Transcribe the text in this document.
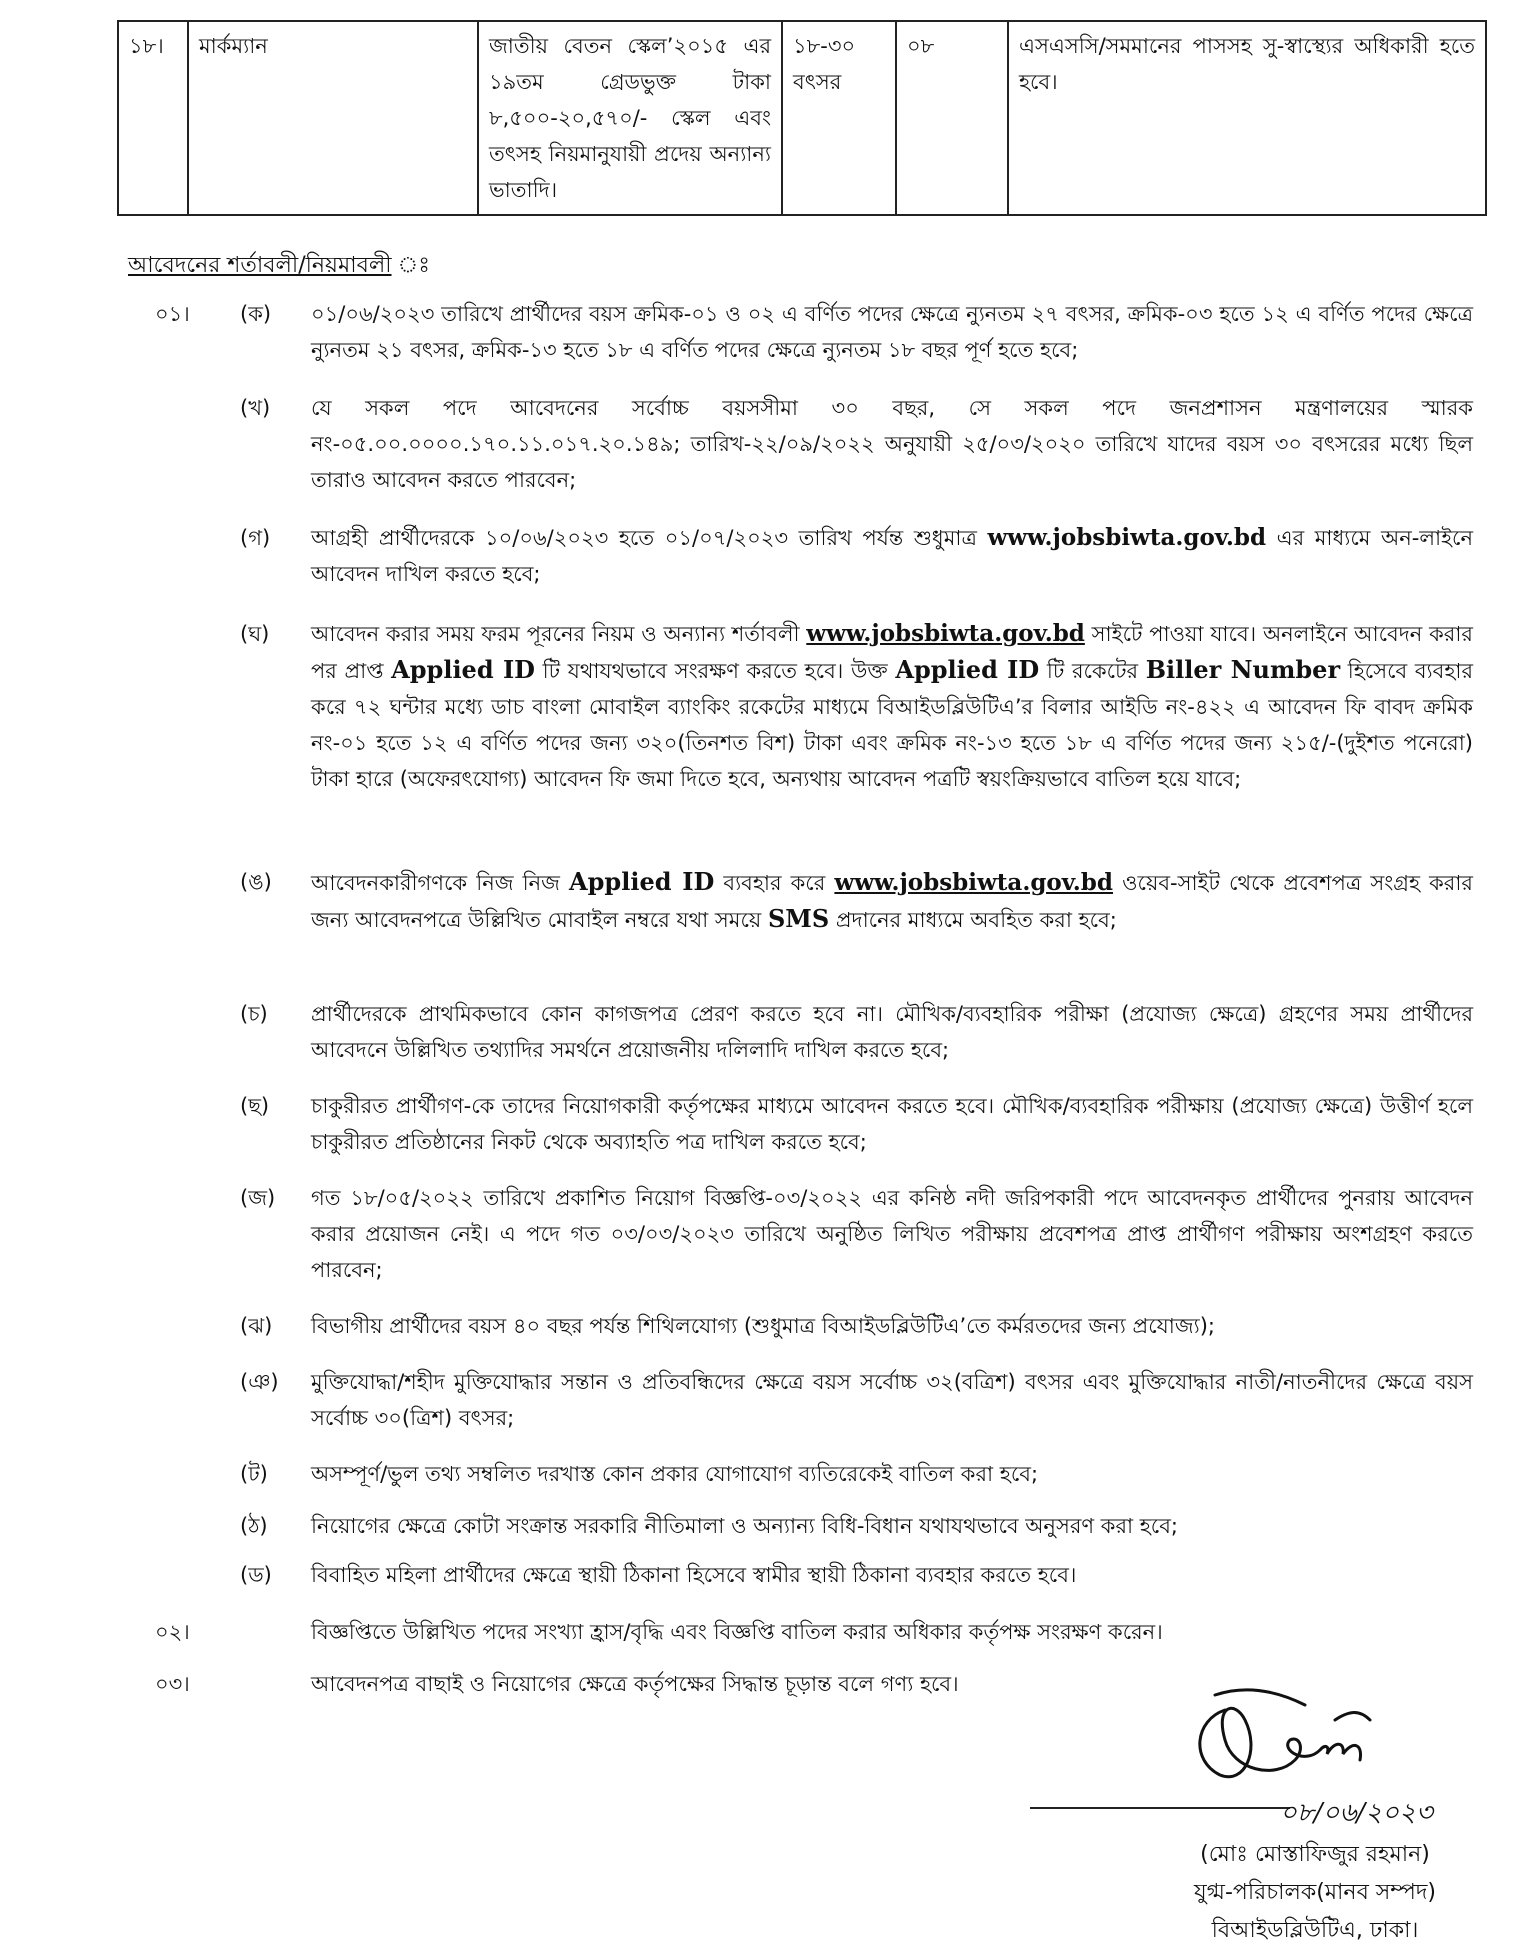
১৮।	মার্কম্যান	জাতীয় বেতন স্কেল’২০১৫ এর ১৯তম গ্রেডভুক্ত টাকা ৮,৫০০-২০,৫৭০/- স্কেল এবং তৎসহ নিয়মানুযায়ী প্রদেয় অন্যান্য ভাতাদি।	১৮-৩০ বৎসর	০৮	এসএসসি/সমমানের পাসসহ সু-স্বাস্থ্যের অধিকারী হতে হবে।
আবেদনের শর্তাবলী/নিয়মাবলী ঃ
০১। (ক) ০১/০৬/২০২৩ তারিখে প্রার্থীদের বয়স ক্রমিক-০১ ও ০২ এ বর্ণিত পদের ক্ষেত্রে ন্যুনতম ২৭ বৎসর, ক্রমিক-০৩ হতে ১২ এ বর্ণিত পদের ক্ষেত্রে ন্যুনতম ২১ বৎসর, ক্রমিক-১৩ হতে ১৮ এ বর্ণিত পদের ক্ষেত্রে ন্যুনতম ১৮ বছর পূর্ণ হতে হবে;
(খ) যে সকল পদে আবেদনের সর্বোচ্চ বয়সসীমা ৩০ বছর, সে সকল পদে জনপ্রশাসন মন্ত্রণালয়ের স্মারক নং-০৫.০০.০০০০.১৭০.১১.০১৭.২০.১৪৯; তারিখ-২২/০৯/২০২২ অনুযায়ী ২৫/০৩/২০২০ তারিখে যাদের বয়স ৩০ বৎসরের মধ্যে ছিল তারাও আবেদন করতে পারবেন;
(গ) আগ্রহী প্রার্থীদেরকে ১০/০৬/২০২৩ হতে ০১/০৭/২০২৩ তারিখ পর্যন্ত শুধুমাত্র www.jobsbiwta.gov.bd এর মাধ্যমে অন-লাইনে আবেদন দাখিল করতে হবে;
(ঘ) আবেদন করার সময় ফরম পূরনের নিয়ম ও অন্যান্য শর্তাবলী www.jobsbiwta.gov.bd সাইটে পাওয়া যাবে। অনলাইনে আবেদন করার পর প্রাপ্ত Applied ID টি যথাযথভাবে সংরক্ষণ করতে হবে। উক্ত Applied ID টি রকেটের Biller Number হিসেবে ব্যবহার করে ৭২ ঘন্টার মধ্যে ডাচ বাংলা মোবাইল ব্যাংকিং রকেটের মাধ্যমে বিআইডব্লিউটিএ’র বিলার আইডি নং-৪২২ এ আবেদন ফি বাবদ ক্রমিক নং-০১ হতে ১২ এ বর্ণিত পদের জন্য ৩২০(তিনশত বিশ) টাকা এবং ক্রমিক নং-১৩ হতে ১৮ এ বর্ণিত পদের জন্য ২১৫/-(দুইশত পনেরো) টাকা হারে (অফেরৎযোগ্য) আবেদন ফি জমা দিতে হবে, অন্যথায় আবেদন পত্রটি স্বয়ংক্রিয়ভাবে বাতিল হয়ে যাবে;
(ঙ) আবেদনকারীগণকে নিজ নিজ Applied ID ব্যবহার করে www.jobsbiwta.gov.bd ওয়েব-সাইট থেকে প্রবেশপত্র সংগ্রহ করার জন্য আবেদনপত্রে উল্লিখিত মোবাইল নম্বরে যথা সময়ে SMS প্রদানের মাধ্যমে অবহিত করা হবে;
(চ) প্রার্থীদেরকে প্রাথমিকভাবে কোন কাগজপত্র প্রেরণ করতে হবে না। মৌখিক/ব্যবহারিক পরীক্ষা (প্রযোজ্য ক্ষেত্রে) গ্রহণের সময় প্রার্থীদের আবেদনে উল্লিখিত তথ্যাদির সমর্থনে প্রয়োজনীয় দলিলাদি দাখিল করতে হবে;
(ছ) চাকুরীরত প্রার্থীগণ-কে তাদের নিয়োগকারী কর্তৃপক্ষের মাধ্যমে আবেদন করতে হবে। মৌখিক/ব্যবহারিক পরীক্ষায় (প্রযোজ্য ক্ষেত্রে) উত্তীর্ণ হলে চাকুরীরত প্রতিষ্ঠানের নিকট থেকে অব্যাহতি পত্র দাখিল করতে হবে;
(জ) গত ১৮/০৫/২০২২ তারিখে প্রকাশিত নিয়োগ বিজ্ঞপ্তি-০৩/২০২২ এর কনিষ্ঠ নদী জরিপকারী পদে আবেদনকৃত প্রার্থীদের পুনরায় আবেদন করার প্রয়োজন নেই। এ পদে গত ০৩/০৩/২০২৩ তারিখে অনুষ্ঠিত লিখিত পরীক্ষায় প্রবেশপত্র প্রাপ্ত প্রার্থীগণ পরীক্ষায় অংশগ্রহণ করতে পারবেন;
(ঝ) বিভাগীয় প্রার্থীদের বয়স ৪০ বছর পর্যন্ত শিথিলযোগ্য (শুধুমাত্র বিআইডব্লিউটিএ’তে কর্মরতদের জন্য প্রযোজ্য);
(ঞ) মুক্তিযোদ্ধা/শহীদ মুক্তিযোদ্ধার সন্তান ও প্রতিবন্ধিদের ক্ষেত্রে বয়স সর্বোচ্চ ৩২(বত্রিশ) বৎসর এবং মুক্তিযোদ্ধার নাতী/নাতনীদের ক্ষেত্রে বয়স সর্বোচ্চ ৩০(ত্রিশ) বৎসর;
(ট) অসম্পূর্ণ/ভুল তথ্য সম্বলিত দরখাস্ত কোন প্রকার যোগাযোগ ব্যতিরেকেই বাতিল করা হবে;
(ঠ) নিয়োগের ক্ষেত্রে কোটা সংক্রান্ত সরকারি নীতিমালা ও অন্যান্য বিধি-বিধান যথাযথভাবে অনুসরণ করা হবে;
(ড) বিবাহিত মহিলা প্রার্থীদের ক্ষেত্রে স্থায়ী ঠিকানা হিসেবে স্বামীর স্থায়ী ঠিকানা ব্যবহার করতে হবে।
০২।	বিজ্ঞপ্তিতে উল্লিখিত পদের সংখ্যা হ্রাস/বৃদ্ধি এবং বিজ্ঞপ্তি বাতিল করার অধিকার কর্তৃপক্ষ সংরক্ষণ করেন।
০৩।	আবেদনপত্র বাছাই ও নিয়োগের ক্ষেত্রে কর্তৃপক্ষের সিদ্ধান্ত চূড়ান্ত বলে গণ্য হবে।
০৮/০৬/২০২৩
(মোঃ মোস্তাফিজুর রহমান)
যুগ্ম-পরিচালক(মানব সম্পদ)
বিআইডব্লিউটিএ, ঢাকা।
